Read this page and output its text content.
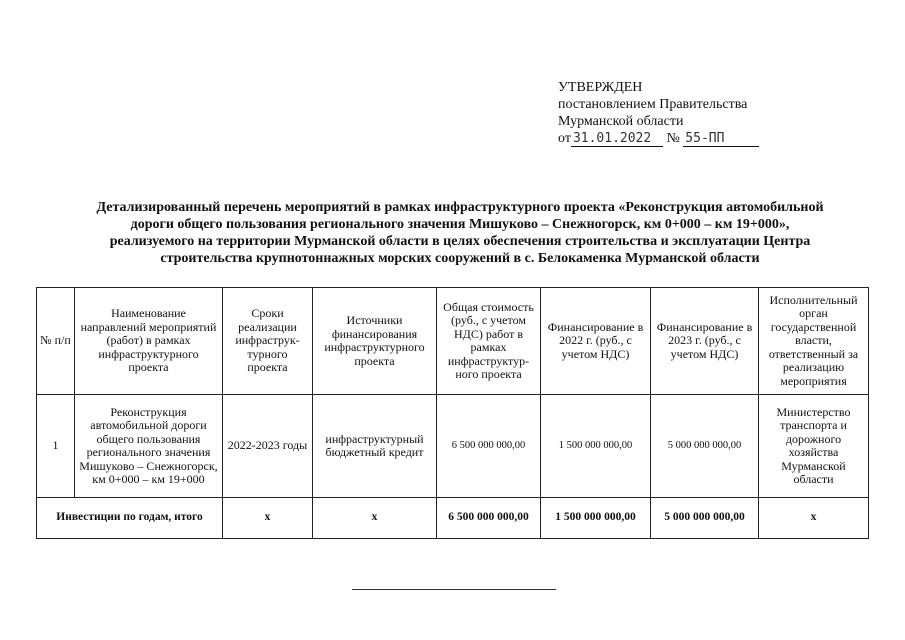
УТВЕРЖДЕН
постановлением Правительства
Мурманской области
от 31.01.2022 № 55-ПП
Детализированный перечень мероприятий в рамках инфраструктурного проекта «Реконструкция автомобильной
дороги общего пользования регионального значения Мишуково – Снежногорск, км 0+000 – км 19+000»,
реализуемого на территории Мурманской области в целях обеспечения строительства и эксплуатации Центра
строительства крупнотоннажных морских сооружений в с. Белокаменка Мурманской области
№ п/п	Наименование направлений мероприятий (работ) в рамках инфраструктурного проекта	Сроки реализации инфраструк-турного проекта	Источники финансирования инфраструктурного проекта	Общая стоимость (руб., с учетом НДС) работ в рамках инфраструктур-ного проекта	Финансирование в 2022 г. (руб., с учетом НДС)	Финансирование в 2023 г. (руб., с учетом НДС)	Исполнительный орган государственной власти, ответственный за реализацию мероприятия
1	Реконструкция автомобильной дороги общего пользования регионального значения Мишуково – Снежногорск, км 0+000 – км 19+000	2022-2023 годы	инфраструктурный бюджетный кредит	6 500 000 000,00	1 500 000 000,00	5 000 000 000,00	Министерство транспорта и дорожного хозяйства Мурманской области
Инвестиции по годам, итого		х	х	6 500 000 000,00	1 500 000 000,00	5 000 000 000,00	х
